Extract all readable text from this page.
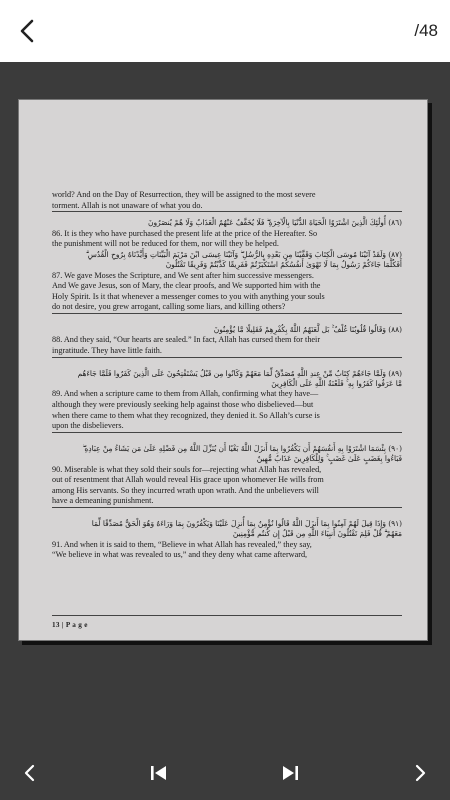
/48

world? And on the Day of Resurrection, they will be assigned to the most severe

torment. Allah is not unaware of what you do.

(٨٦) أُولَٰئِكَ الَّذِينَ اشْتَرَوُا الْحَيَاةَ الدُّنْيَا بِالْآخِرَةِ ۖ فَلَا يُخَفَّفُ عَنْهُمُ الْعَذَابُ وَلَا هُمْ يُنصَرُونَ

86. It is they who have purchased the present life at the price of the Hereafter. So

the punishment will not be reduced for them, nor will they be helped.

(٨٧) وَلَقَدْ آتَيْنَا مُوسَى الْكِتَابَ وَقَفَّيْنَا مِن بَعْدِهِ بِالرُّسُلِ ۖ وَآتَيْنَا عِيسَى ابْنَ مَرْيَمَ الْبَيِّنَاتِ وَأَيَّدْنَاهُ بِرُوحِ الْقُدُسِ ۗ

أَفَكُلَّمَا جَاءَكُمْ رَسُولٌ بِمَا لَا تَهْوَىٰ أَنفُسُكُمُ اسْتَكْبَرْتُمْ فَفَرِيقًا كَذَّبْتُمْ وَفَرِيقًا تَقْتُلُونَ

87. We gave Moses the Scripture, and We sent after him successive messengers.

And We gave Jesus, son of Mary, the clear proofs, and We supported him with the

Holy Spirit. Is it that whenever a messenger comes to you with anything your souls

do not desire, you grew arrogant, calling some liars, and killing others?

(٨٨) وَقَالُوا قُلُوبُنَا غُلْفٌ ۚ بَل لَّعَنَهُمُ اللَّهُ بِكُفْرِهِمْ فَقَلِيلًا مَّا يُؤْمِنُونَ

88. And they said, “Our hearts are sealed.” In fact, Allah has cursed them for their

ingratitude. They have little faith.

(٨٩) وَلَمَّا جَاءَهُمْ كِتَابٌ مِّنْ عِندِ اللَّهِ مُصَدِّقٌ لِّمَا مَعَهُمْ وَكَانُوا مِن قَبْلُ يَسْتَفْتِحُونَ عَلَى الَّذِينَ كَفَرُوا فَلَمَّا جَاءَهُم

مَّا عَرَفُوا كَفَرُوا بِهِ ۚ فَلَعْنَةُ اللَّهِ عَلَى الْكَافِرِينَ

89. And when a scripture came to them from Allah, confirming what they have—

although they were previously seeking help against those who disbelieved—but

when there came to them what they recognized, they denied it. So Allah’s curse is

upon the disbelievers.

(٩٠) بِئْسَمَا اشْتَرَوْا بِهِ أَنفُسَهُمْ أَن يَكْفُرُوا بِمَا أَنزَلَ اللَّهُ بَغْيًا أَن يُنَزِّلَ اللَّهُ مِن فَضْلِهِ عَلَىٰ مَن يَشَاءُ مِنْ عِبَادِهِ ۖ

فَبَاءُوا بِغَضَبٍ عَلَىٰ غَضَبٍ ۚ وَلِلْكَافِرِينَ عَذَابٌ مُّهِينٌ

90. Miserable is what they sold their souls for—rejecting what Allah has revealed,

out of resentment that Allah would reveal His grace upon whomever He wills from

among His servants. So they incurred wrath upon wrath. And the unbelievers will

have a demeaning punishment.

(٩١) وَإِذَا قِيلَ لَهُمْ آمِنُوا بِمَا أَنزَلَ اللَّهُ قَالُوا نُؤْمِنُ بِمَا أُنزِلَ عَلَيْنَا وَيَكْفُرُونَ بِمَا وَرَاءَهُ وَهُوَ الْحَقُّ مُصَدِّقًا لِّمَا

مَعَهُمْ ۗ قُلْ فَلِمَ تَقْتُلُونَ أَنبِيَاءَ اللَّهِ مِن قَبْلُ إِن كُنتُم مُّؤْمِنِينَ

91. And when it is said to them, “Believe in what Allah has revealed,” they say,

“We believe in what was revealed to us,” and they deny what came afterward,

13 | P a g e
